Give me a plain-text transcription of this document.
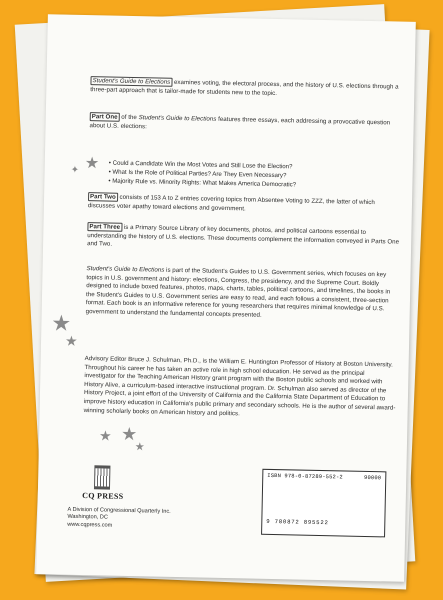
Student's Guide to Elections examines voting, the electoral process, and the history of U.S. elections through a three-part approach that is tailor-made for students new to the topic.
Part One of the Student's Guide to Elections features three essays, each addressing a provocative question about U.S. elections:
• Could a Candidate Win the Most Votes and Still Lose the Election?
• What Is the Role of Political Parties? Are They Even Necessary?
• Majority Rule vs. Minority Rights: What Makes America Democratic?
★
✦
Part Two consists of 153 A to Z entries covering topics from Absentee Voting to ZZZ, the latter of which discusses voter apathy toward elections and government.
Part Three is a Primary Source Library of key documents, photos, and political cartoons essential to understanding the history of U.S. elections. These documents complement the information conveyed in Parts One and Two.
Student's Guide to Elections is part of the Student's Guides to U.S. Government series, which focuses on key topics in U.S. government and history: elections, Congress, the presidency, and the Supreme Court. Boldly designed to include boxed features, photos, maps, charts, tables, political cartoons, and timelines, the books in the Student's Guides to U.S. Government series are easy to read, and each follows a consistent, three-section format. Each book is an informative reference for young researchers that requires minimal knowledge of U.S. government to understand the fundamental concepts presented.
★
★
Advisory Editor Bruce J. Schulman, Ph.D., is the William E. Huntington Professor of History at Boston University. Throughout his career he has taken an active role in high school education. He served as the principal investigator for the Teaching American History grant program with the Boston public schools and worked with History Alive, a curriculum-based interactive instructional program. Dr. Schulman also served as director of the History Project, a joint effort of the University of California and the California State Department of Education to improve history education in California's public primary and secondary schools. He is the author of several award-winning scholarly books on American history and politics.
★ ★
★
CQ PRESS
A Division of Congressional Quarterly Inc.
Washington, DC
www.cqpress.com
ISBN 978-0-87289-552-2	90000
9 780872 895522
